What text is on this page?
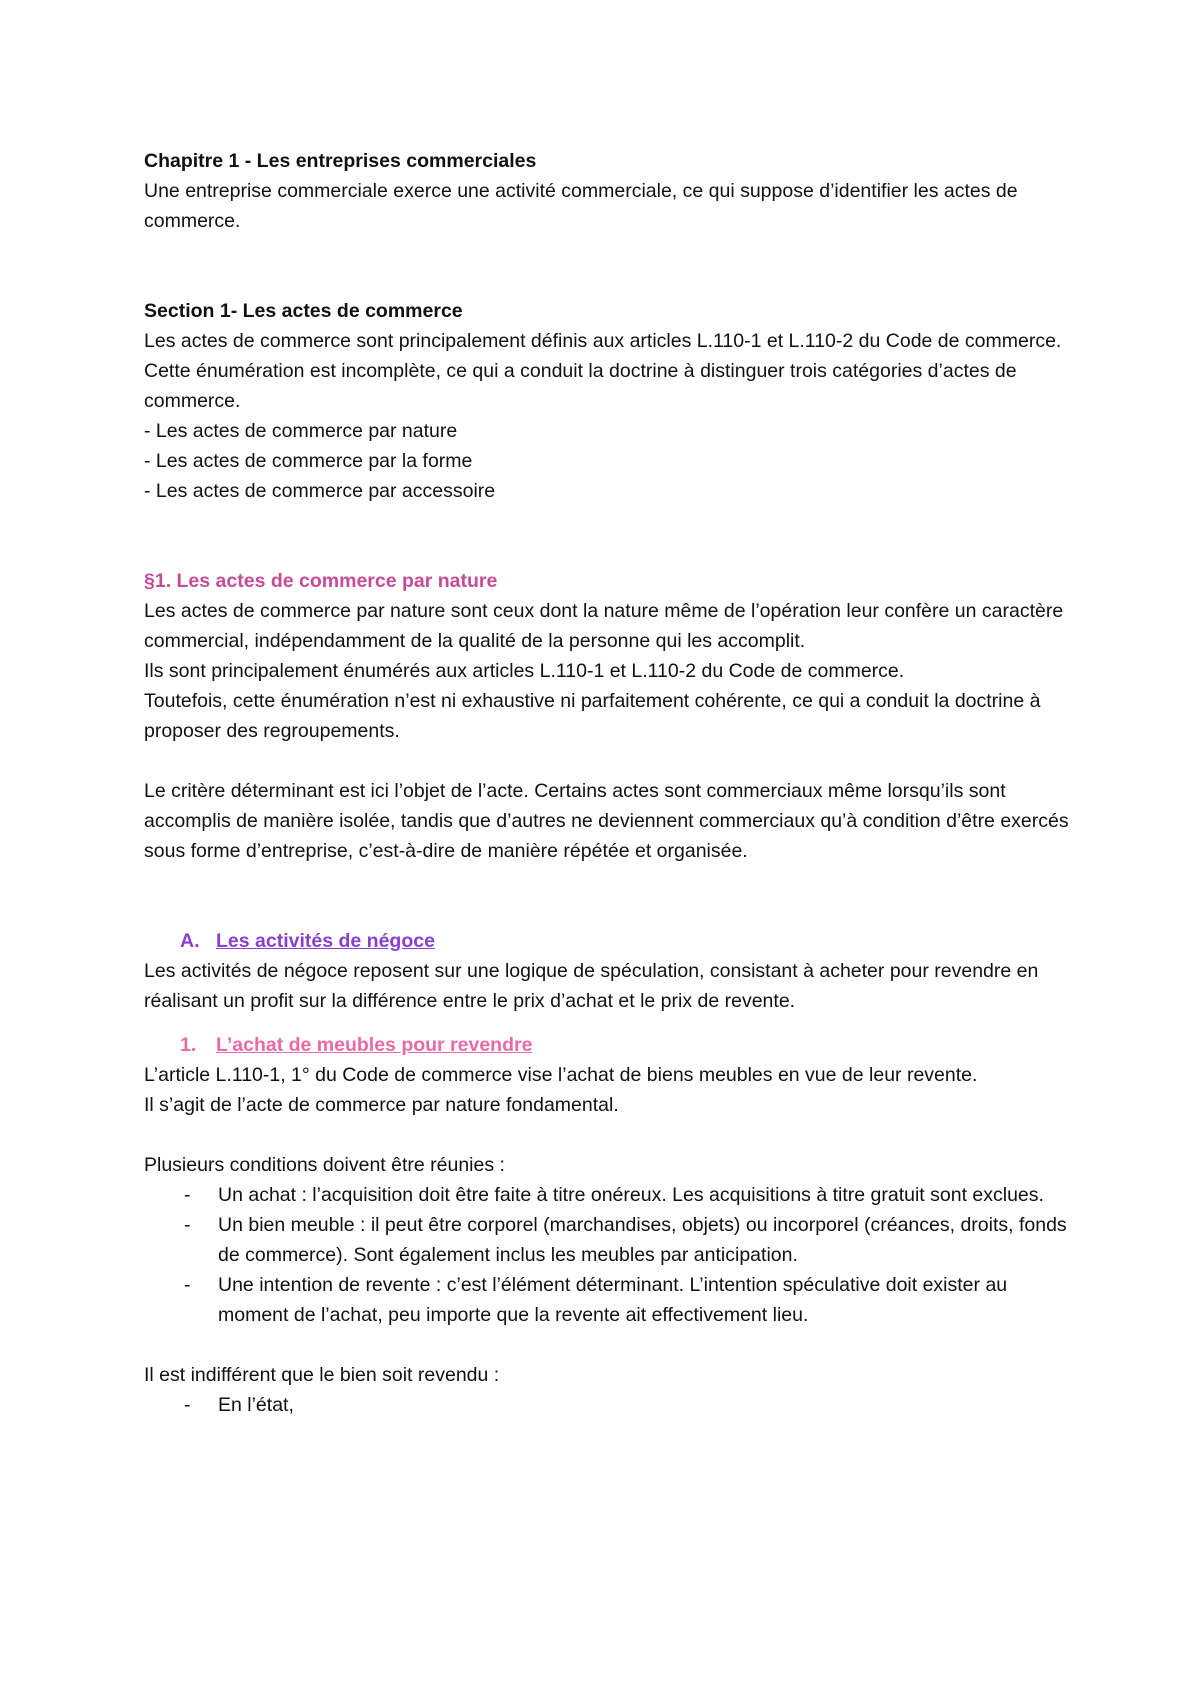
Chapitre 1 - Les entreprises commerciales

Une entreprise commerciale exerce une activité commerciale, ce qui suppose d’identifier les actes de commerce.

Section 1- Les actes de commerce

Les actes de commerce sont principalement définis aux articles L.110-1 et L.110-2 du Code de commerce.

Cette énumération est incomplète, ce qui a conduit la doctrine à distinguer trois catégories d’actes de commerce.

- Les actes de commerce par nature

- Les actes de commerce par la forme

- Les actes de commerce par accessoire

§1. Les actes de commerce par nature

Les actes de commerce par nature sont ceux dont la nature même de l’opération leur confère un caractère commercial, indépendamment de la qualité de la personne qui les accomplit.

Ils sont principalement énumérés aux articles L.110-1 et L.110-2 du Code de commerce.

Toutefois, cette énumération n’est ni exhaustive ni parfaitement cohérente, ce qui a conduit la doctrine à proposer des regroupements.

Le critère déterminant est ici l’objet de l’acte. Certains actes sont commerciaux même lorsqu’ils sont accomplis de manière isolée, tandis que d’autres ne deviennent commerciaux qu’à condition d’être exercés sous forme d’entreprise, c’est-à-dire de manière répétée et organisée.

A. Les activités de négoce

Les activités de négoce reposent sur une logique de spéculation, consistant à acheter pour revendre en réalisant un profit sur la différence entre le prix d’achat et le prix de revente.

1. L’achat de meubles pour revendre

L’article L.110-1, 1° du Code de commerce vise l’achat de biens meubles en vue de leur revente.

Il s’agit de l’acte de commerce par nature fondamental.

Plusieurs conditions doivent être réunies :

- Un achat : l’acquisition doit être faite à titre onéreux. Les acquisitions à titre gratuit sont exclues.
- Un bien meuble : il peut être corporel (marchandises, objets) ou incorporel (créances, droits, fonds de commerce). Sont également inclus les meubles par anticipation.
- Une intention de revente : c’est l’élément déterminant. L’intention spéculative doit exister au moment de l’achat, peu importe que la revente ait effectivement lieu.

Il est indifférent que le bien soit revendu :

- En l’état,
